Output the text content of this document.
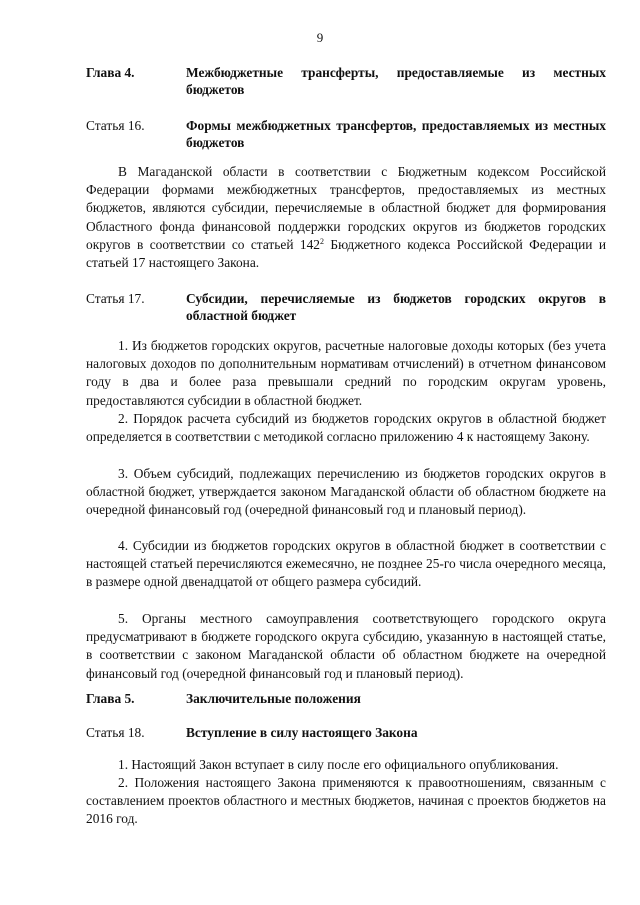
9
Глава 4.	Межбюджетные трансферты, предоставляемые из местных бюджетов
Статья 16.	Формы межбюджетных трансфертов, предоставляемых из местных бюджетов

В Магаданской области в соответствии с Бюджетным кодексом Российской Федерации формами межбюджетных трансфертов, предоставляемых из местных бюджетов, являются субсидии, перечисляемые в областной бюджет для формирования Областного фонда финансовой поддержки городских округов из бюджетов городских округов в соответствии со статьей $142^2$ Бюджетного кодекса Российской Федерации и статьей 17 настоящего Закона.

Статья 17.	Субсидии, перечисляемые из бюджетов городских округов в областной бюджет

1. Из бюджетов городских округов, расчетные налоговые доходы которых (без учета налоговых доходов по дополнительным нормативам отчислений) в отчетном финансовом году в два и более раза превышали средний по городским округам уровень, предоставляются субсидии в областной бюджет.

2. Порядок расчета субсидий из бюджетов городских округов в областной бюджет определяется в соответствии с методикой согласно приложению 4 к настоящему Закону.

3. Объем субсидий, подлежащих перечислению из бюджетов городских округов в областной бюджет, утверждается законом Магаданской области об областном бюджете на очередной финансовый год (очередной финансовый год и плановый период).

4. Субсидии из бюджетов городских округов в областной бюджет в соответствии с настоящей статьей перечисляются ежемесячно, не позднее 25-го числа очередного месяца, в размере одной двенадцатой от общего размера субсидий.

5. Органы местного самоуправления соответствующего городского округа предусматривают в бюджете городского округа субсидию, указанную в настоящей статье, в соответствии с законом Магаданской области об областном бюджете на очередной финансовый год (очередной финансовый год и плановый период).

Глава 5.	Заключительные положения
Статья 18.	Вступление в силу настоящего Закона

1. Настоящий Закон вступает в силу после его официального опубликования.

2. Положения настоящего Закона применяются к правоотношениям, связанным с составлением проектов областного и местных бюджетов, начиная с проектов бюджетов на 2016 год.
